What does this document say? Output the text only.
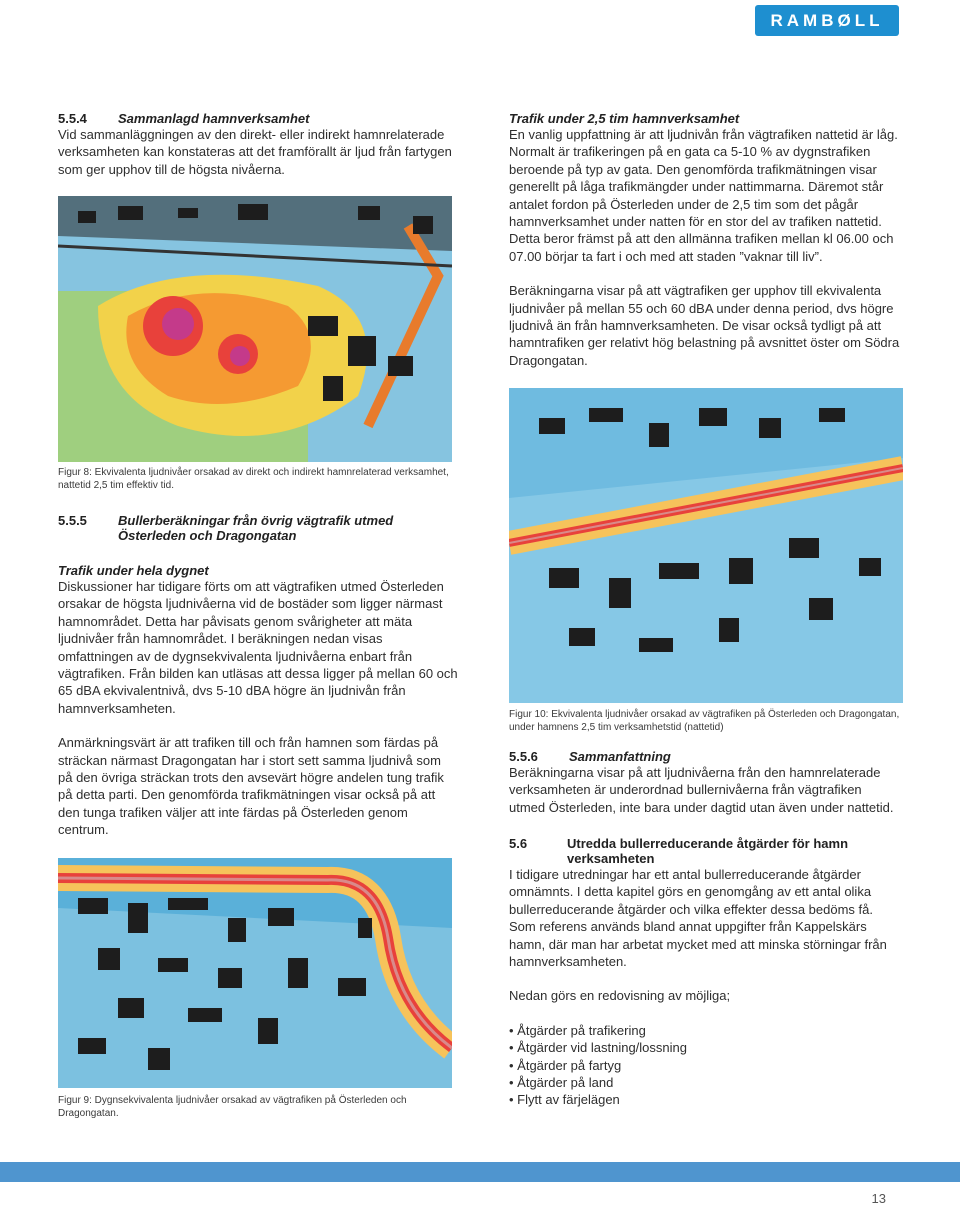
RAMBØLL
5.5.4 Sammanlagd hamnverksamhet

Vid sammanläggningen av den direkt- eller indirekt hamnrelaterade verksamheten kan konstateras att det framförallt är ljud från fartygen som ger upphov till de högsta nivåerna.

Figur 8: Ekvivalenta ljudnivåer orsakad av direkt och indirekt hamnrelaterad verksamhet, nattetid 2,5 tim effektiv tid.
5.5.5	Bullerberäkningar från övrig vägtrafik utmed Österleden och Dragongatan
Trafik under hela dygnet

Diskussioner har tidigare förts om att vägtrafiken utmed Österleden orsakar de högsta ljudnivåerna vid de bostäder som ligger närmast hamnområdet. Detta har påvisats genom svårigheter att mäta ljudnivåer från hamnområdet. I beräkningen nedan visas omfattningen av de dygnsekvivalenta ljudnivåerna enbart från vägtrafiken. Från bilden kan utläsas att dessa ligger på mellan 60 och 65 dBA ekvivalentnivå, dvs 5-10 dBA högre än ljudnivån från hamnverksamheten.

Anmärkningsvärt är att trafiken till och från hamnen som färdas på sträckan närmast Dragongatan har i stort sett samma ljudnivå som på den övriga sträckan trots den avsevärt högre andelen tung trafik på detta parti. Den genomförda trafikmätningen visar också på att den tunga trafiken väljer att inte färdas på Österleden genom centrum.

Figur 9: Dygnsekvivalenta ljudnivåer orsakad av vägtrafiken på Österleden och Dragongatan.
Trafik under 2,5 tim hamnverksamhet

En vanlig uppfattning är att ljudnivån från vägtrafiken nattetid är låg. Normalt är trafikeringen på en gata ca 5-10 % av dygnstrafiken beroende på typ av gata. Den genomförda trafikmätningen visar generellt på låga trafikmängder under nattimmarna. Däremot står antalet fordon på Österleden under de 2,5 tim som det pågår hamnverksamhet under natten för en stor del av trafiken nattetid. Detta beror främst på att den allmänna trafiken mellan kl 06.00 och 07.00 börjar ta fart i och med att staden ”vaknar till liv”.

Beräkningarna visar på att vägtrafiken ger upphov till ekvivalenta ljudnivåer på mellan 55 och 60 dBA under denna period, dvs högre ljudnivå än från hamnverksamheten. De visar också tydligt på att hamntrafiken ger relativt hög belastning på avsnittet öster om Södra Dragongatan.

Figur 10: Ekvivalenta ljudnivåer orsakad av vägtrafiken på Österleden och Dragongatan, under hamnens 2,5 tim verksamhetstid (nattetid)
5.5.6 Sammanfattning

Beräkningarna visar på att ljudnivåerna från den hamnrelaterade verksamheten är underordnad bullernivåerna från vägtrafiken utmed Österleden, inte bara under dagtid utan även under nattetid.

5.6	Utredda bullerreducerande åtgärder för hamn verksamheten

I tidigare utredningar har ett antal bullerreducerande åtgärder omnämnts. I detta kapitel görs en genomgång av ett antal olika bullerreducerande åtgärder och vilka effekter dessa bedöms få. Som referens används bland annat uppgifter från Kappelskärs hamn, där man har arbetat mycket med att minska störningar från hamnverksamheten.

Nedan görs en redovisning av möjliga;

• Åtgärder på trafikering
• Åtgärder vid lastning/lossning
• Åtgärder på fartyg
• Åtgärder på land
• Flytt av färjelägen
13
